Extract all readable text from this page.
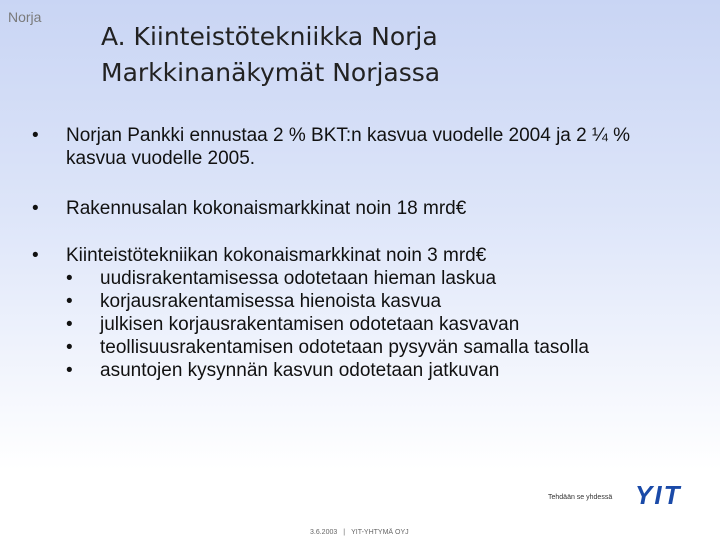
Norja
A. Kiinteistötekniikka Norja
Markkinanäkymät Norjassa
• Norjan Pankki ennustaa 2 % BKT:n kasvua vuodelle 2004 ja 2 ¼ %
kasvua vuodelle 2005.
• Rakennusalan kokonaismarkkinat noin 18 mrd€
• Kiinteistötekniikan kokonaismarkkinat noin 3 mrd€
• uudisrakentamisessa odotetaan hieman laskua
• korjausrakentamisessa hienoista kasvua
• julkisen korjausrakentamisen odotetaan kasvavan
• teollisuusrakentamisen odotetaan pysyvän samalla tasolla
• asuntojen kysynnän kasvun odotetaan jatkuvan
Tehdään se yhdessä YIT
3.6.2003 | YIT-YHTYMÄ OYJ
